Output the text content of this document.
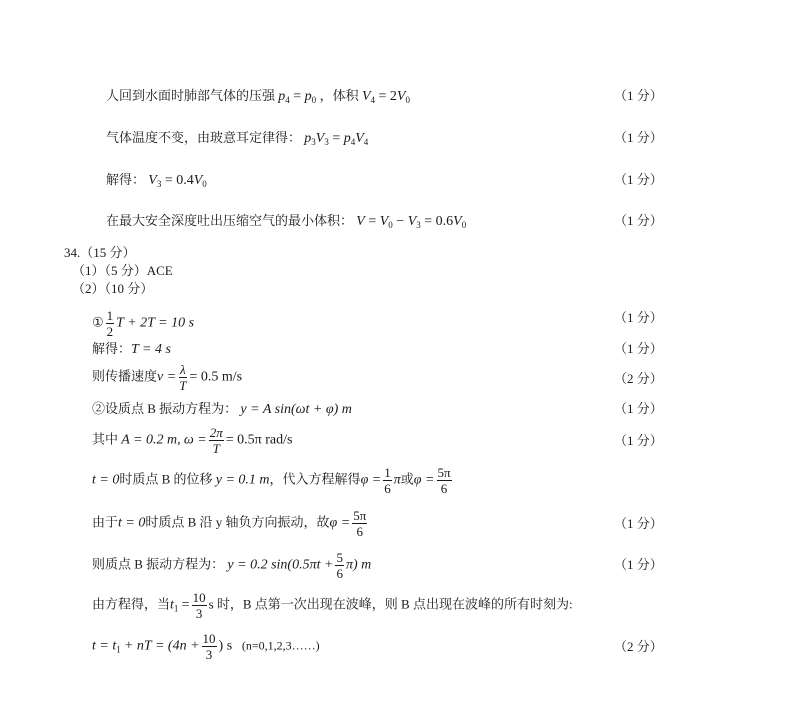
人回到水面时肺部气体的压强 $p_4 = p_0$ ，体积 $V_4 = 2V_0$	（1 分）
气体温度不变，由玻意耳定律得： $p_3V_3 = p_4V_4$	（1 分）
解得： $V_3 = 0.4V_0$	（1 分）
在最大安全深度吐出压缩空气的最小体积： $V = V_0 - V_3 = 0.6V_0$	（1 分）
34.（15 分）
（1）（5 分）ACE
（2）（10 分）
① $\frac{1}{2}$ T + 2T = 10 s	（1 分）
解得：T = 4 s	（1 分）
则传播速度$v = \frac{\lambda}{T} = 0.5$ m/s	（2 分）
②设质点 B 振动方程为： y = A sin(ωt + φ) m	（1 分）
其中 A = 0.2 m, $\omega = \frac{2\pi}{T} = 0.5\pi$ rad/s	（1 分）
t = 0时质点 B 的位移 y = 0.1 m，代入方程解得$\varphi = \frac{1}{6}$ π或$\varphi = \frac{5\pi}{6}$
由于t = 0时质点 B 沿 y 轴负方向振动，故$\varphi = \frac{5\pi}{6}$	（1 分）
则质点 B 振动方程为： y = 0.2 $\sin(0.5\pi t + \frac{5}{6} \pi)$ m	（1 分）
由方程得，当$t_1 = \frac{10}{3}$ s 时，B 点第一次出现在波峰，则 B 点出现在波峰的所有时刻为:
$t = t_1$ + nT = ($4n + \frac{10}{3}$ ) s (n=0,1,2,3……)	（2 分）
